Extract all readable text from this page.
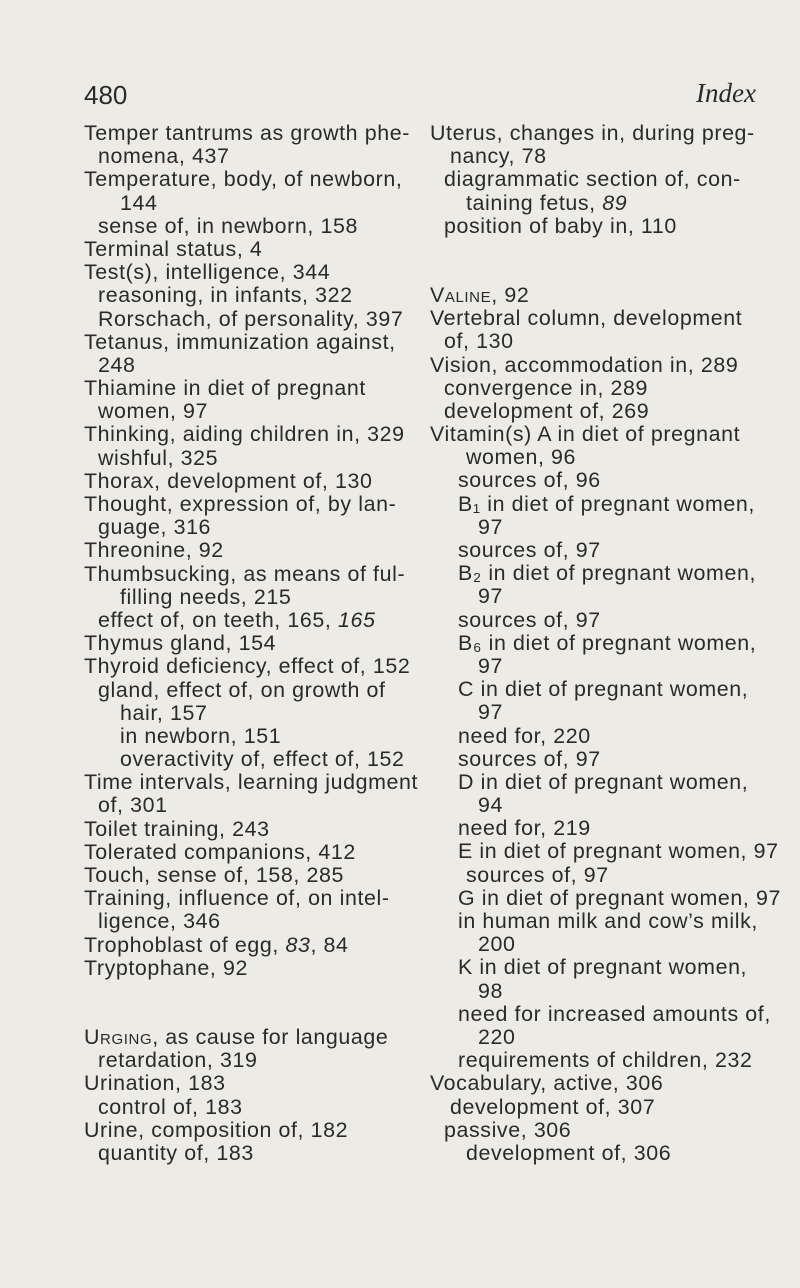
480	Index
Temper tantrums as growth phe-
nomena, 437
Temperature, body, of newborn,
144
sense of, in newborn, 158
Terminal status, 4
Test(s), intelligence, 344
reasoning, in infants, 322
Rorschach, of personality, 397
Tetanus, immunization against,
248
Thiamine in diet of pregnant
women, 97
Thinking, aiding children in, 329
wishful, 325
Thorax, development of, 130
Thought, expression of, by lan-
guage, 316
Threonine, 92
Thumbsucking, as means of ful-
filling needs, 215
effect of, on teeth, 165, 165
Thymus gland, 154
Thyroid deficiency, effect of, 152
gland, effect of, on growth of
hair, 157
in newborn, 151
overactivity of, effect of, 152
Time intervals, learning judgment
of, 301
Toilet training, 243
Tolerated companions, 412
Touch, sense of, 158, 285
Training, influence of, on intel-
ligence, 346
Trophoblast of egg, 83, 84
Tryptophane, 92
Urging, as cause for language
retardation, 319
Urination, 183
control of, 183
Urine, composition of, 182
quantity of, 183
Uterus, changes in, during preg-
nancy, 78
diagrammatic section of, con-
taining fetus, 89
position of baby in, 110
Valine, 92
Vertebral column, development
of, 130
Vision, accommodation in, 289
convergence in, 289
development of, 269
Vitamin(s) A in diet of pregnant
women, 96
sources of, 96
B₁ in diet of pregnant women,
97
sources of, 97
B₂ in diet of pregnant women,
97
sources of, 97
B₆ in diet of pregnant women,
97
C in diet of pregnant women,
97
need for, 220
sources of, 97
D in diet of pregnant women,
94
need for, 219
E in diet of pregnant women, 97
sources of, 97
G in diet of pregnant women, 97
in human milk and cow’s milk,
200
K in diet of pregnant women,
98
need for increased amounts of,
220
requirements of children, 232
Vocabulary, active, 306
development of, 307
passive, 306
development of, 306
